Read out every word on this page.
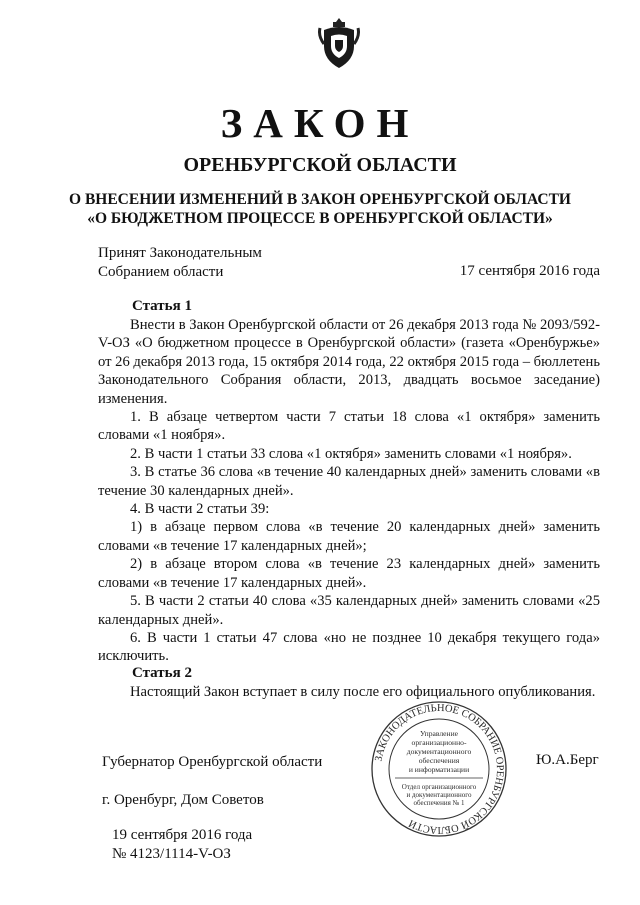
ЗАКОН
ОРЕНБУРГСКОЙ ОБЛАСТИ
О ВНЕСЕНИИ ИЗМЕНЕНИЙ В ЗАКОН ОРЕНБУРГСКОЙ ОБЛАСТИ
«О БЮДЖЕТНОМ ПРОЦЕССЕ В ОРЕНБУРГСКОЙ ОБЛАСТИ»
Принят Законодательным
Собранием области	17 сентября 2016 года
Статья 1

Внести в Закон Оренбургской области от 26 декабря 2013 года № 2093/592-V-ОЗ «О бюджетном процессе в Оренбургской области» (газета «Оренбуржье» от 26 декабря 2013 года, 15 октября 2014 года, 22 октября 2015 года – бюллетень Законодательного Собрания области, 2013, двадцать восьмое заседание) изменения.

1. В абзаце четвертом части 7 статьи 18 слова «1 октября» заменить словами «1 ноября».

2. В части 1 статьи 33 слова «1 октября» заменить словами «1 ноября».

3. В статье 36 слова «в течение 40 календарных дней» заменить словами «в течение 30 календарных дней».

4. В части 2 статьи 39:

1) в абзаце первом слова «в течение 20 календарных дней» заменить словами «в течение 17 календарных дней»;

2) в абзаце втором слова «в течение 23 календарных дней» заменить словами «в течение 17 календарных дней».

5. В части 2 статьи 40 слова «35 календарных дней» заменить словами «25 календарных дней».

6. В части 1 статьи 47 слова «но не позднее 10 декабря текущего года» исключить.

Статья 2

Настоящий Закон вступает в силу после его официального опубликования.

Губернатор Оренбургской области	Ю.А.Берг
г. Оренбург, Дом Советов
19 сентября 2016 года
№ 4123/1114-V-ОЗ
ЗАКОНОДАТЕЛЬНОЕ СОБРАНИЕ ОРЕНБУРГСКОЙ ОБЛАСТИ
Управление
организационно-
документационного
обеспечения
и информатизации
Отдел организационного
и документационного
обеспечения № 1
